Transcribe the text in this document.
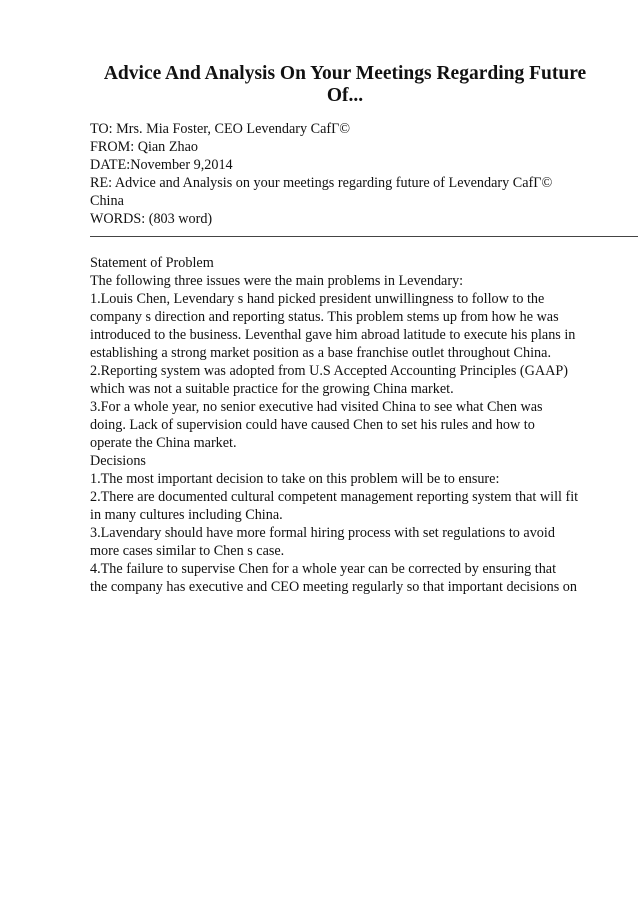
Advice And Analysis On Your Meetings Regarding Future
Of...
TO: Mrs. Mia Foster, CEO Levendary CafΓ©
FROM: Qian Zhao
DATE:November 9,2014
RE: Advice and Analysis on your meetings regarding future of Levendary CafΓ©
China
WORDS: (803 word)
Statement of Problem
The following three issues were the main problems in Levendary:
1.Louis Chen, Levendary s hand picked president unwillingness to follow to the
company s direction and reporting status. This problem stems up from how he was
introduced to the business. Leventhal gave him abroad latitude to execute his plans in
establishing a strong market position as a base franchise outlet throughout China.
2.Reporting system was adopted from U.S Accepted Accounting Principles (GAAP)
which was not a suitable practice for the growing China market.
3.For a whole year, no senior executive had visited China to see what Chen was
doing. Lack of supervision could have caused Chen to set his rules and how to
operate the China market.
Decisions
1.The most important decision to take on this problem will be to ensure:
2.There are documented cultural competent management reporting system that will fit
in many cultures including China.
3.Lavendary should have more formal hiring process with set regulations to avoid
more cases similar to Chen s case.
4.The failure to supervise Chen for a whole year can be corrected by ensuring that
the company has executive and CEO meeting regularly so that important decisions on
